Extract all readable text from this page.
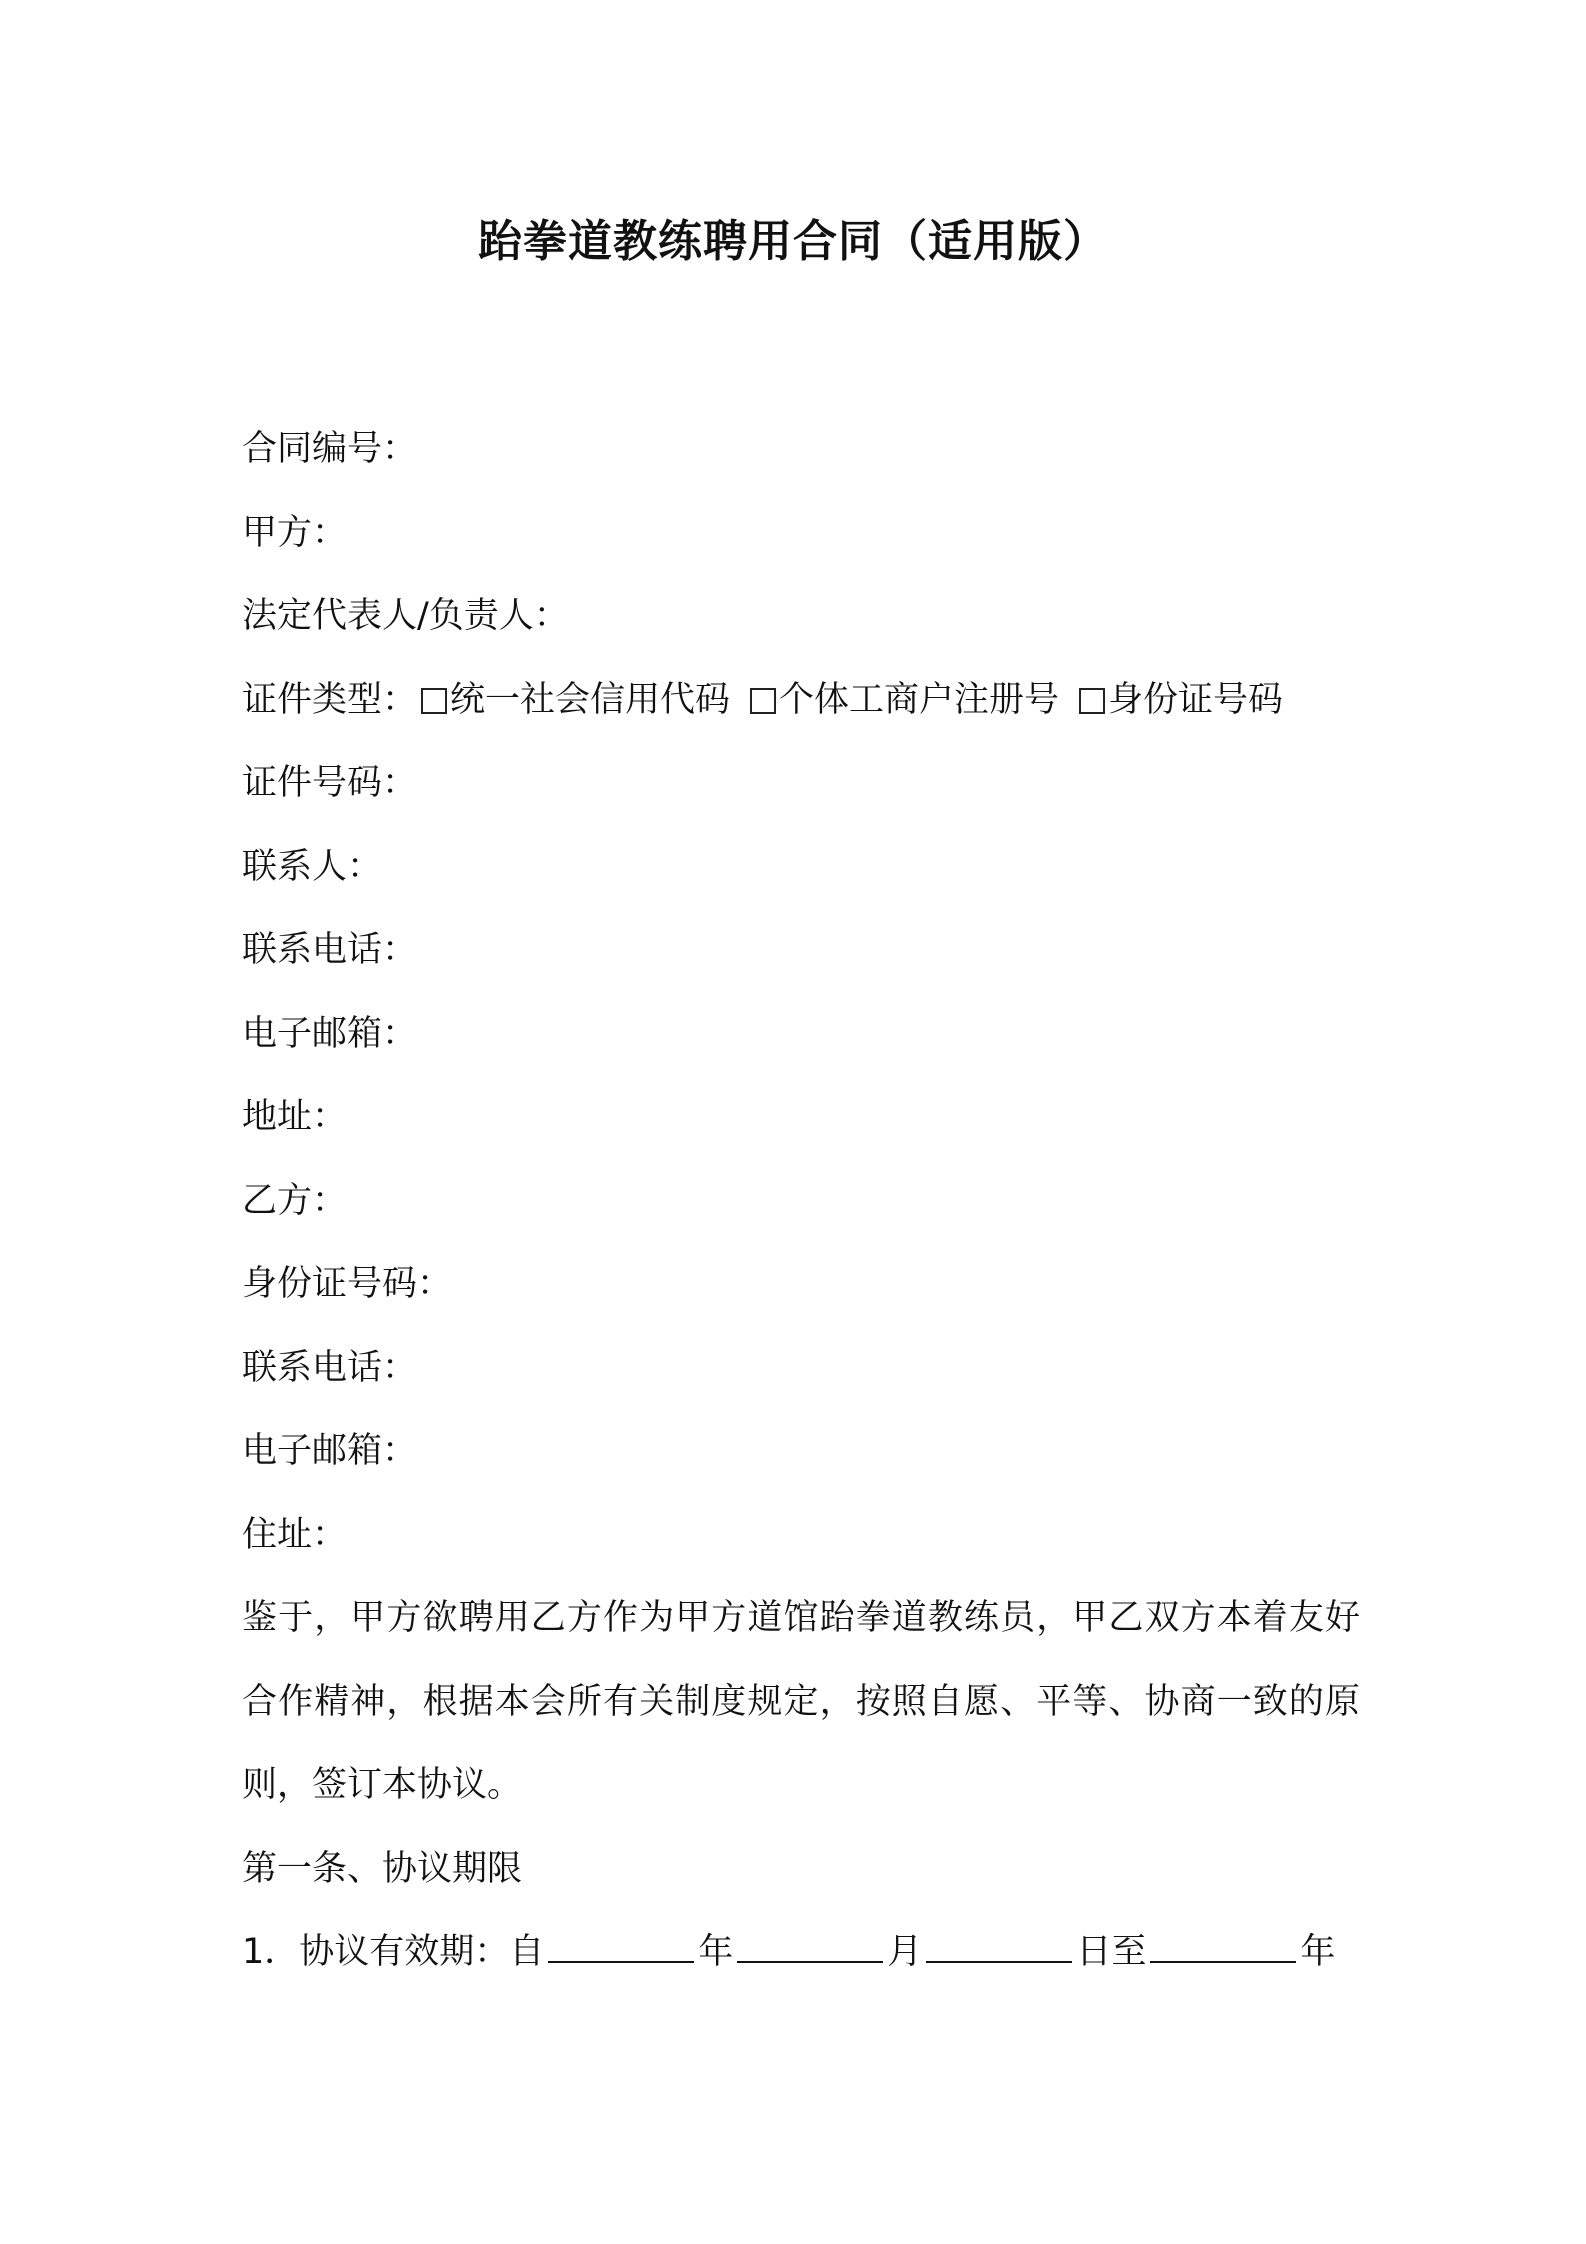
跆拳道教练聘用合同（适用版）
合同编号：
甲方：
法定代表人/负责人：
证件类型： 统一社会信用代码 个体工商户注册号 身份证号码
证件号码：
联系人：
联系电话：
电子邮箱：
地址：
乙方：
身份证号码：
联系电话：
电子邮箱：
住址：

鉴于，甲方欲聘用乙方作为甲方道馆跆拳道教练员，甲乙双方本着友好合作精神，根据本会所有关制度规定，按照自愿、平等、协商一致的原则，签订本协议。

第一条、协议期限
1．协议有效期：自	年	月	日至	年
